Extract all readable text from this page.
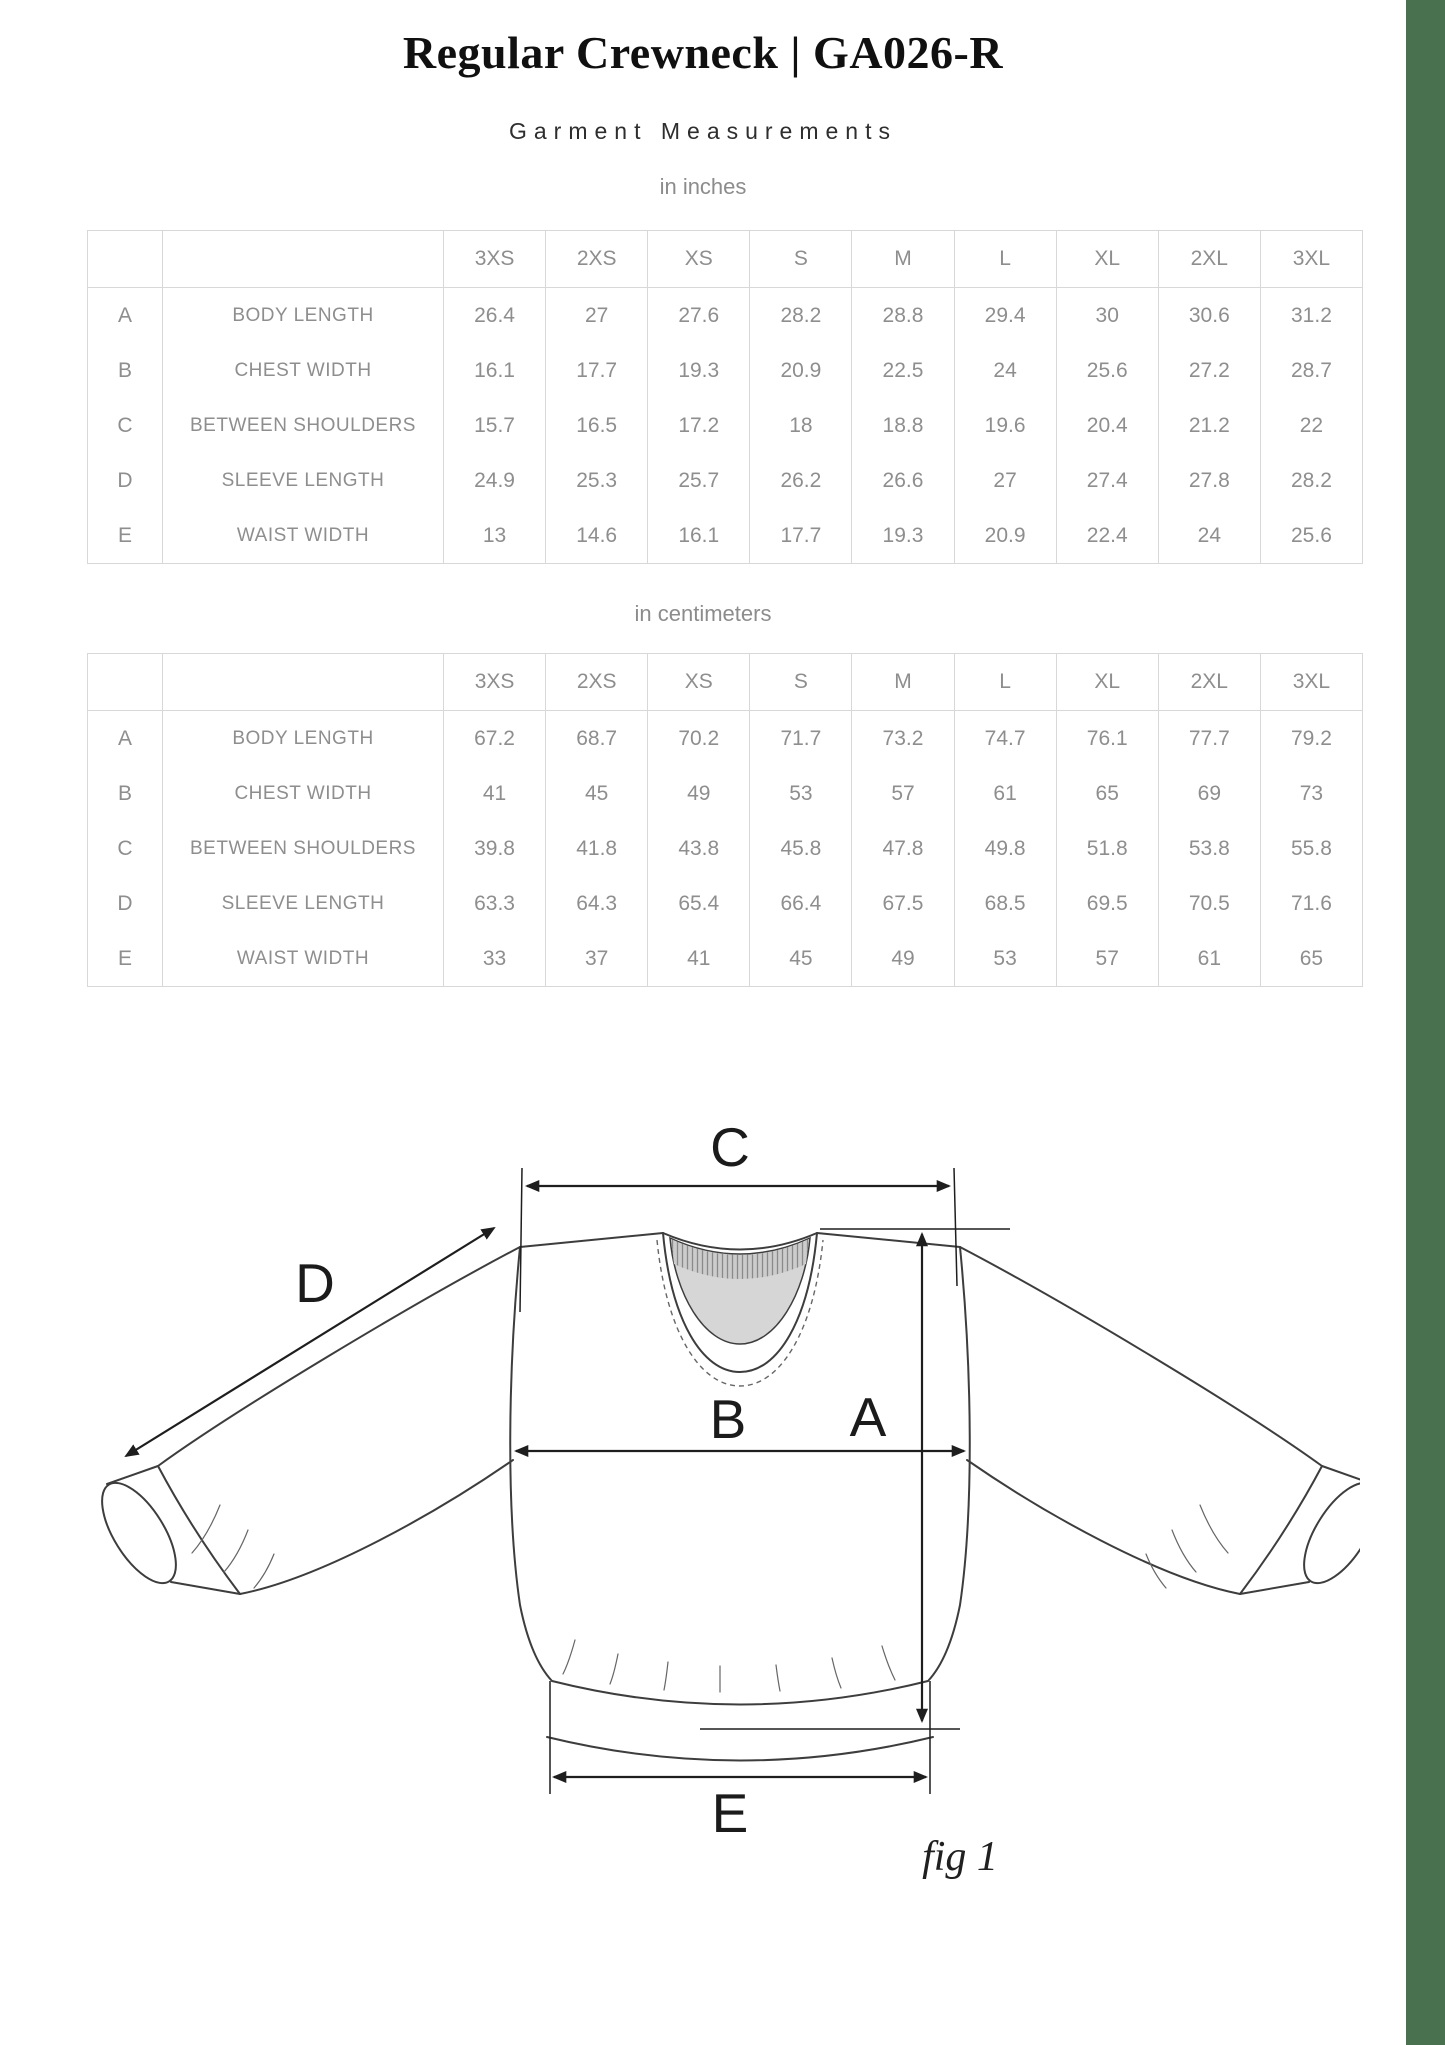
Regular Crewneck | GA026-R
Garment Measurements
in inches
		3XS	2XS	XS	S	M	L	XL	2XL	3XL
A	BODY LENGTH	26.4	27	27.6	28.2	28.8	29.4	30	30.6	31.2
B	CHEST WIDTH	16.1	17.7	19.3	20.9	22.5	24	25.6	27.2	28.7
C	BETWEEN SHOULDERS	15.7	16.5	17.2	18	18.8	19.6	20.4	21.2	22
D	SLEEVE LENGTH	24.9	25.3	25.7	26.2	26.6	27	27.4	27.8	28.2
E	WAIST WIDTH	13	14.6	16.1	17.7	19.3	20.9	22.4	24	25.6
in centimeters
		3XS	2XS	XS	S	M	L	XL	2XL	3XL
A	BODY LENGTH	67.2	68.7	70.2	71.7	73.2	74.7	76.1	77.7	79.2
B	CHEST WIDTH	41	45	49	53	57	61	65	69	73
C	BETWEEN SHOULDERS	39.8	41.8	43.8	45.8	47.8	49.8	51.8	53.8	55.8
D	SLEEVE LENGTH	63.3	64.3	65.4	66.4	67.5	68.5	69.5	70.5	71.6
E	WAIST WIDTH	33	37	41	45	49	53	57	61	65
C
D
A
B
E
fig 1
